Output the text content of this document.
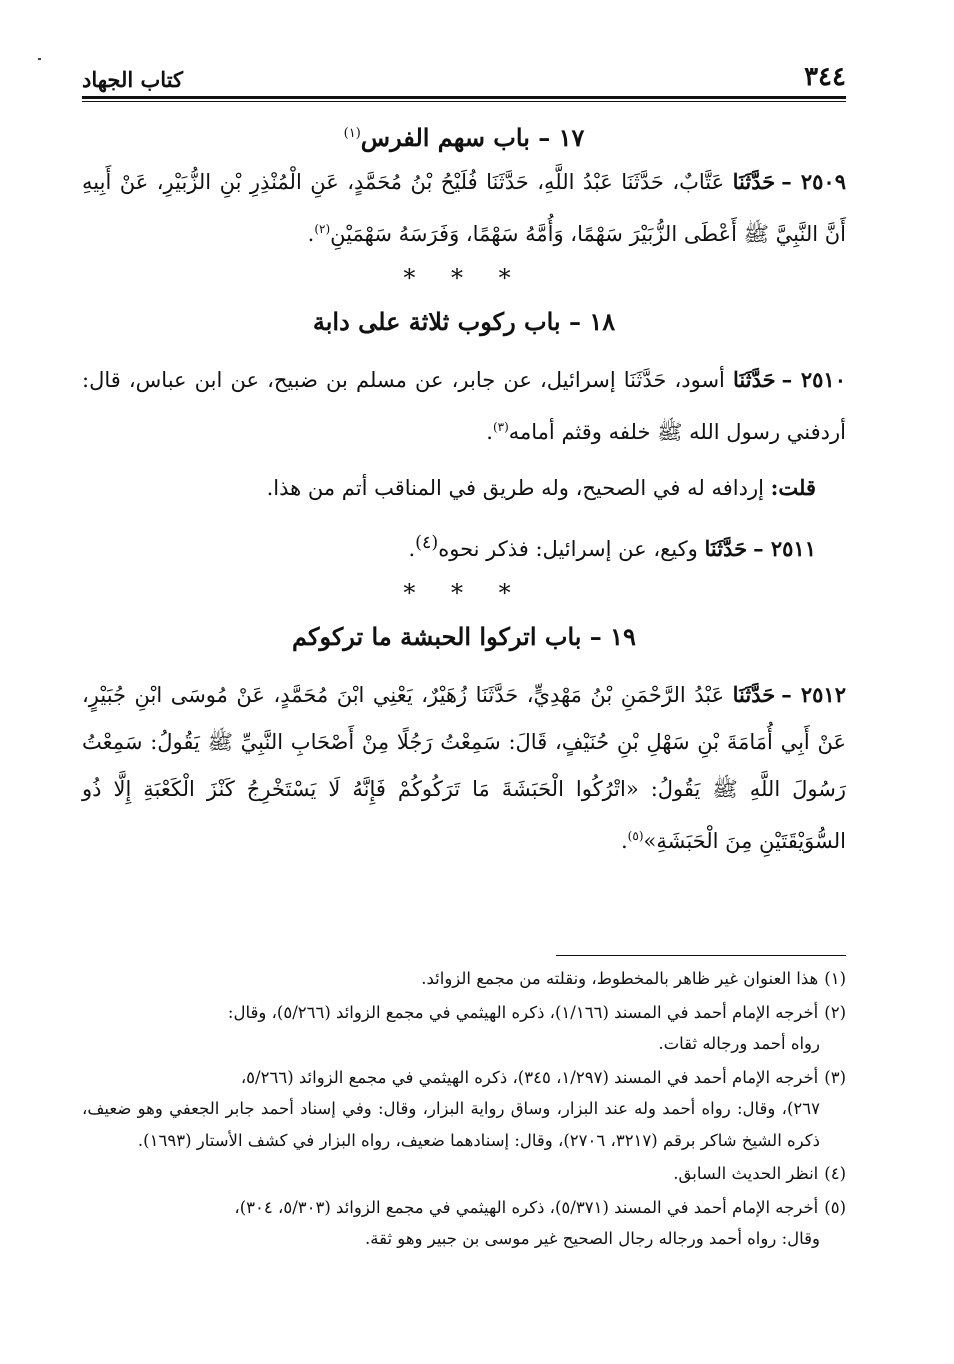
٣٤٤
كتاب الجهاد
١٧ – باب سهم الفرس$^{(١)}$

٢٥٠٩ –حَدَّثَنَا عَتَّابٌ، حَدَّثَنَا عَبْدُ اللَّهِ، حَدَّثَنَا فُلَيْحُ بْنُ مُحَمَّدٍ، عَنِ الْمُنْذِرِ بْنِ الزُّبَيْرِ، عَنْ أَبِيهِ أَنَّ النَّبِيَّ ﷺ أَعْطَى الزُّبَيْرَ سَهْمًا، وَأُمَّهُ سَهْمًا، وَفَرَسَهُ سَهْمَيْنِ$^{(٢)}$.

* * *
١٨ – باب ركوب ثلاثة على دابة

٢٥١٠ –حَدَّثَنَا أسود، حَدَّثَنَا إسرائيل، عن جابر، عن مسلم بن ضبيح، عن ابن عباس، قال: أردفني رسول الله ﷺ خلفه وقثم أمامه$^{(٣)}$.

قلت: إردافه له في الصحيح، وله طريق في المناقب أتم من هذا.

٢٥١١ –حَدَّثَنَا وكيع، عن إسرائيل: فذكر نحوه$^{(٤)}$.

* * *
١٩ – باب اتركوا الحبشة ما تركوكم

٢٥١٢ –حَدَّثَنَا عَبْدُ الرَّحْمَنِ بْنُ مَهْدِيٍّ، حَدَّثَنَا زُهَيْرٌ، يَعْنِي ابْنَ مُحَمَّدٍ، عَنْ مُوسَى ابْنِ جُبَيْرٍ، عَنْ أَبِي أُمَامَةَ بْنِ سَهْلِ بْنِ حُنَيْفٍ، قَالَ: سَمِعْتُ رَجُلًا مِنْ أَصْحَابِ النَّبِيِّ ﷺ يَقُولُ: سَمِعْتُ رَسُولَ اللَّهِ ﷺ يَقُولُ: «اتْرُكُوا الْحَبَشَةَ مَا تَرَكُوكُمْ فَإِنَّهُ لَا يَسْتَخْرِجُ كَنْزَ الْكَعْبَةِ إِلَّا ذُو السُّوَيْقَتَيْنِ مِنَ الْحَبَشَةِ»$^{(٥)}$.

(١)هذا العنوان غير ظاهر بالمخطوط، ونقلته من مجمع الزوائد.

(٢)أخرجه الإمام أحمد في المسند (١/١٦٦)، ذكره الهيثمي في مجمع الزوائد (٥/٢٦٦)، وقال:
رواه أحمد ورجاله ثقات.

(٣)أخرجه الإمام أحمد في المسند (١/٢٩٧، ٣٤٥)، ذكره الهيثمي في مجمع الزوائد (٥/٢٦٦،
٢٦٧)، وقال: رواه أحمد وله عند البزار، وساق رواية البزار، وقال: وفي إسناد أحمد جابر الجعفي وهو ضعيف، ذكره الشيخ شاكر برقم (٣٢١٧، ٢٧٠٦)، وقال: إسنادهما ضعيف، رواه البزار في كشف الأستار (١٦٩٣).

(٤)انظر الحديث السابق.

(٥)أخرجه الإمام أحمد في المسند (٥/٣٧١)، ذكره الهيثمي في مجمع الزوائد (٥/٣٠٣، ٣٠٤)،
وقال: رواه أحمد ورجاله رجال الصحيح غير موسى بن جبير وهو ثقة.
